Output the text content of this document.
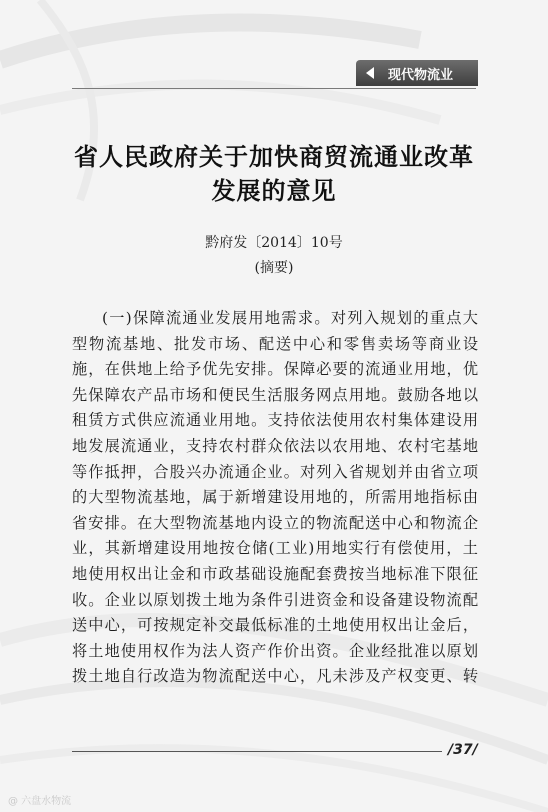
现代物流业
省人民政府关于加快商贸流通业改革
发展的意见
黔府发〔2014〕10号
(摘要)
(一)保障流通业发展用地需求。对列入规划的重点大
型物流基地、批发市场、配送中心和零售卖场等商业设
施，在供地上给予优先安排。保障必要的流通业用地，优
先保障农产品市场和便民生活服务网点用地。鼓励各地以
租赁方式供应流通业用地。支持依法使用农村集体建设用
地发展流通业，支持农村群众依法以农用地、农村宅基地
等作抵押，合股兴办流通企业。对列入省规划并由省立项
的大型物流基地，属于新增建设用地的，所需用地指标由
省安排。在大型物流基地内设立的物流配送中心和物流企
业，其新增建设用地按仓储(工业)用地实行有偿使用，土
地使用权出让金和市政基础设施配套费按当地标准下限征
收。企业以原划拨土地为条件引进资金和设备建设物流配
送中心，可按规定补交最低标准的土地使用权出让金后，
将土地使用权作为法人资产作价出资。企业经批准以原划
拨土地自行改造为物流配送中心，凡未涉及产权变更、转
/37/
@ 六盘水物流
